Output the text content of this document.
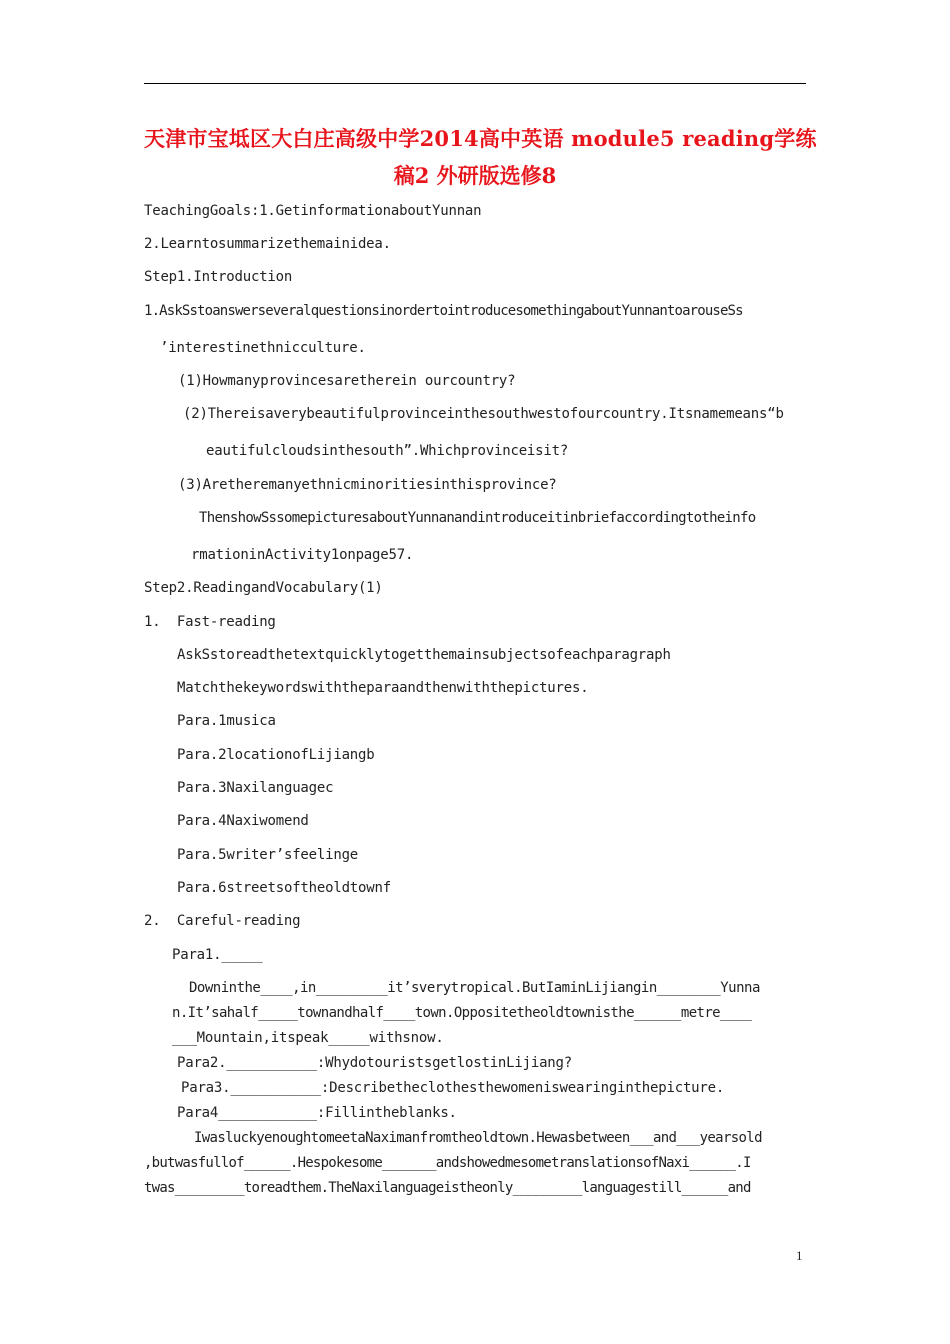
天津市宝坻区大白庄高级中学2014高中英语 module5 reading学练
稿2 外研版选修8
TeachingGoals:1.GetinformationaboutYunnan
2.Learntosummarizethemainidea.
Step1.Introduction
1.AskSstoanswerseveralquestionsinordertointroducesomethingaboutYunnantoarouseSs
’interestinethnicculture.
(1)Howmanyprovincesaretherein ourcountry?
(2)Thereisaverybeautifulprovinceinthesouthwestofourcountry.Itsnamemeans“b
eautifulcloudsinthesouth”.Whichprovinceisit?
(3)Aretheremanyethnicminoritiesinthisprovince?
ThenshowSssomepicturesaboutYunnanandintroduceitinbriefaccordingtotheinfo
rmationinActivity1onpage57.
Step2.ReadingandVocabulary(1)
1.  Fast-reading
AskSstoreadthetextquicklytogetthemainsubjectsofeachparagraph
Matchthekeywordswiththeparaandthenwiththepictures.
Para.1musica
Para.2locationofLijiangb
Para.3Naxilanguagec
Para.4Naxiwomend
Para.5writer’sfeelinge
Para.6streetsoftheoldtownf
2.  Careful-reading
Para1._____
Downinthe____,in_________it’sverytropical.ButIaminLijiangin________Yunna
n.It’sahalf_____townandhalf____town.Oppositetheoldtownisthe______metre____
___Mountain,itspeak_____withsnow.
Para2.___________:WhydotouristsgetlostinLijiang?
Para3.___________:Describetheclothesthewomeniswearinginthepicture.
Para4____________:Fillintheblanks.
IwasluckyenoughtomeetaNaximanfromtheoldtown.Hewasbetween___and___yearsold
,butwasfullof______.Hespokesome_______andshowedmesometranslationsofNaxi______.I
twas_________toreadthem.TheNaxilanguageistheonly_________languagestill______and
1
